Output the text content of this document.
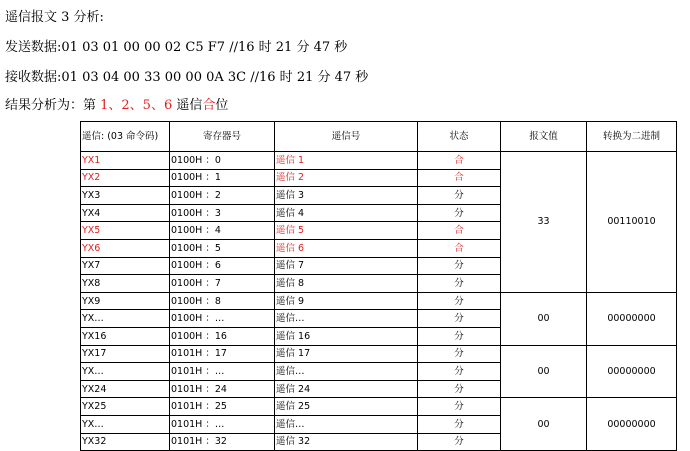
遥信报文 3 分析:
发送数据:01 03 01 00 00 02 C5 F7 //16 时 21 分 47 秒
接收数据:01 03 04 00 33 00 00 0A 3C //16 时 21 分 47 秒
结果分析为：第 1、2、5、6 遥信合位
遥信: (03 命令码)	寄存器号	遥信号	状态	报文值	转换为二进制
YX1	0100H ：0	遥信 1	合	33	00110010
YX2	0100H ：1	遥信 2	合		
YX3	0100H ：2	遥信 3	分		
YX4	0100H ：3	遥信 4	分		
YX5	0100H ：4	遥信 5	合		
YX6	0100H ：5	遥信 6	合		
YX7	0100H ：6	遥信 7	分		
YX8	0100H ：7	遥信 8	分		
YX9	0100H ：8	遥信 9	分	00	00000000
YX…	0100H ：…	遥信…	分		
YX16	0100H ：16	遥信 16	分		
YX17	0101H ：17	遥信 17	分	00	00000000
YX…	0101H ：…	遥信…	分		
YX24	0101H ：24	遥信 24	分		
YX25	0101H ：25	遥信 25	分	00	00000000
YX…	0101H ：…	遥信…	分		
YX32	0101H ：32	遥信 32	分		
